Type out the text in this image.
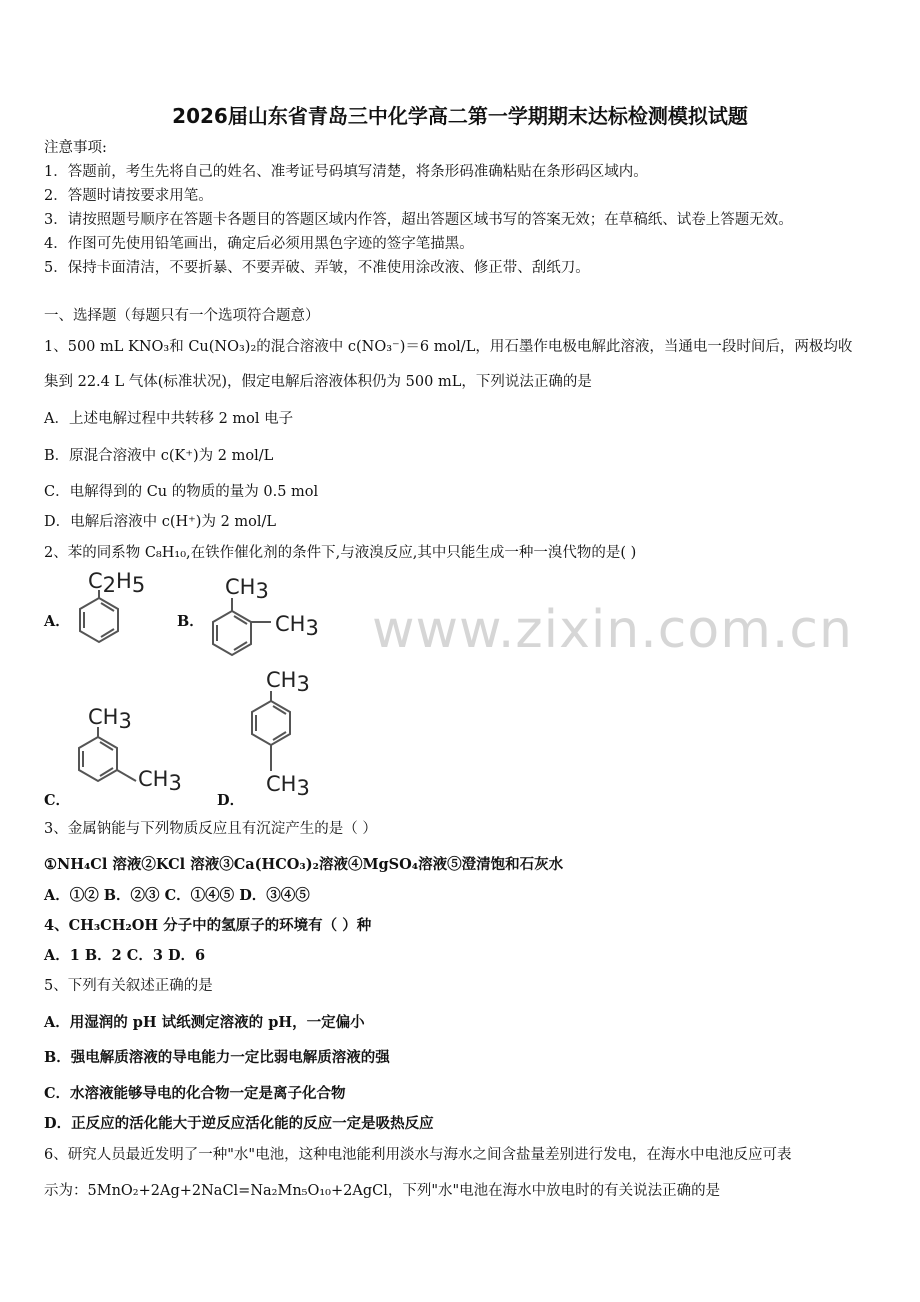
2026届山东省青岛三中化学高二第一学期期末达标检测模拟试题
注意事项:
1．答题前，考生先将自己的姓名、准考证号码填写清楚，将条形码准确粘贴在条形码区域内。
2．答题时请按要求用笔。
3．请按照题号顺序在答题卡各题目的答题区域内作答，超出答题区域书写的答案无效；在草稿纸、试卷上答题无效。
4．作图可先使用铅笔画出，确定后必须用黑色字迹的签字笔描黑。
5．保持卡面清洁，不要折暴、不要弄破、弄皱，不准使用涂改液、修正带、刮纸刀。
一、选择题（每题只有一个选项符合题意）
1、500 mL KNO₃和 Cu(NO₃)₂的混合溶液中 c(NO₃⁻)＝6 mol/L，用石墨作电极电解此溶液，当通电一段时间后，两极均收
集到 22.4 L 气体(标准状况)，假定电解后溶液体积仍为 500 mL，下列说法正确的是
A．上述电解过程中共转移 2 mol 电子
B．原混合溶液中 c(K⁺)为 2 mol/L
C．电解得到的 Cu 的物质的量为 0.5 mol
D．电解后溶液中 c(H⁺)为 2 mol/L
2、苯的同系物 C₈H₁₀,在铁作催化剂的条件下,与液溴反应,其中只能生成一种一溴代物的是( )
www.zixin.com.cn
A．
C2H5
B．
CH3
CH3
C．
CH3
CH3
D．
CH3
CH3
3、金属钠能与下列物质反应且有沉淀产生的是（ ）
①NH₄Cl 溶液②KCl 溶液③Ca(HCO₃)₂溶液④MgSO₄溶液⑤澄清饱和石灰水
A．①② B．②③ C．①④⑤ D．③④⑤
4、CH₃CH₂OH 分子中的氢原子的环境有（ ）种
A．1 B．2 C．3 D．6
5、下列有关叙述正确的是
A．用湿润的 pH 试纸测定溶液的 pH，一定偏小
B．强电解质溶液的导电能力一定比弱电解质溶液的强
C．水溶液能够导电的化合物一定是离子化合物
D．正反应的活化能大于逆反应活化能的反应一定是吸热反应
6、研究人员最近发明了一种"水"电池，这种电池能利用淡水与海水之间含盐量差别进行发电，在海水中电池反应可表
示为：5MnO₂+2Ag+2NaCl=Na₂Mn₅O₁₀+2AgCl，下列"水"电池在海水中放电时的有关说法正确的是
